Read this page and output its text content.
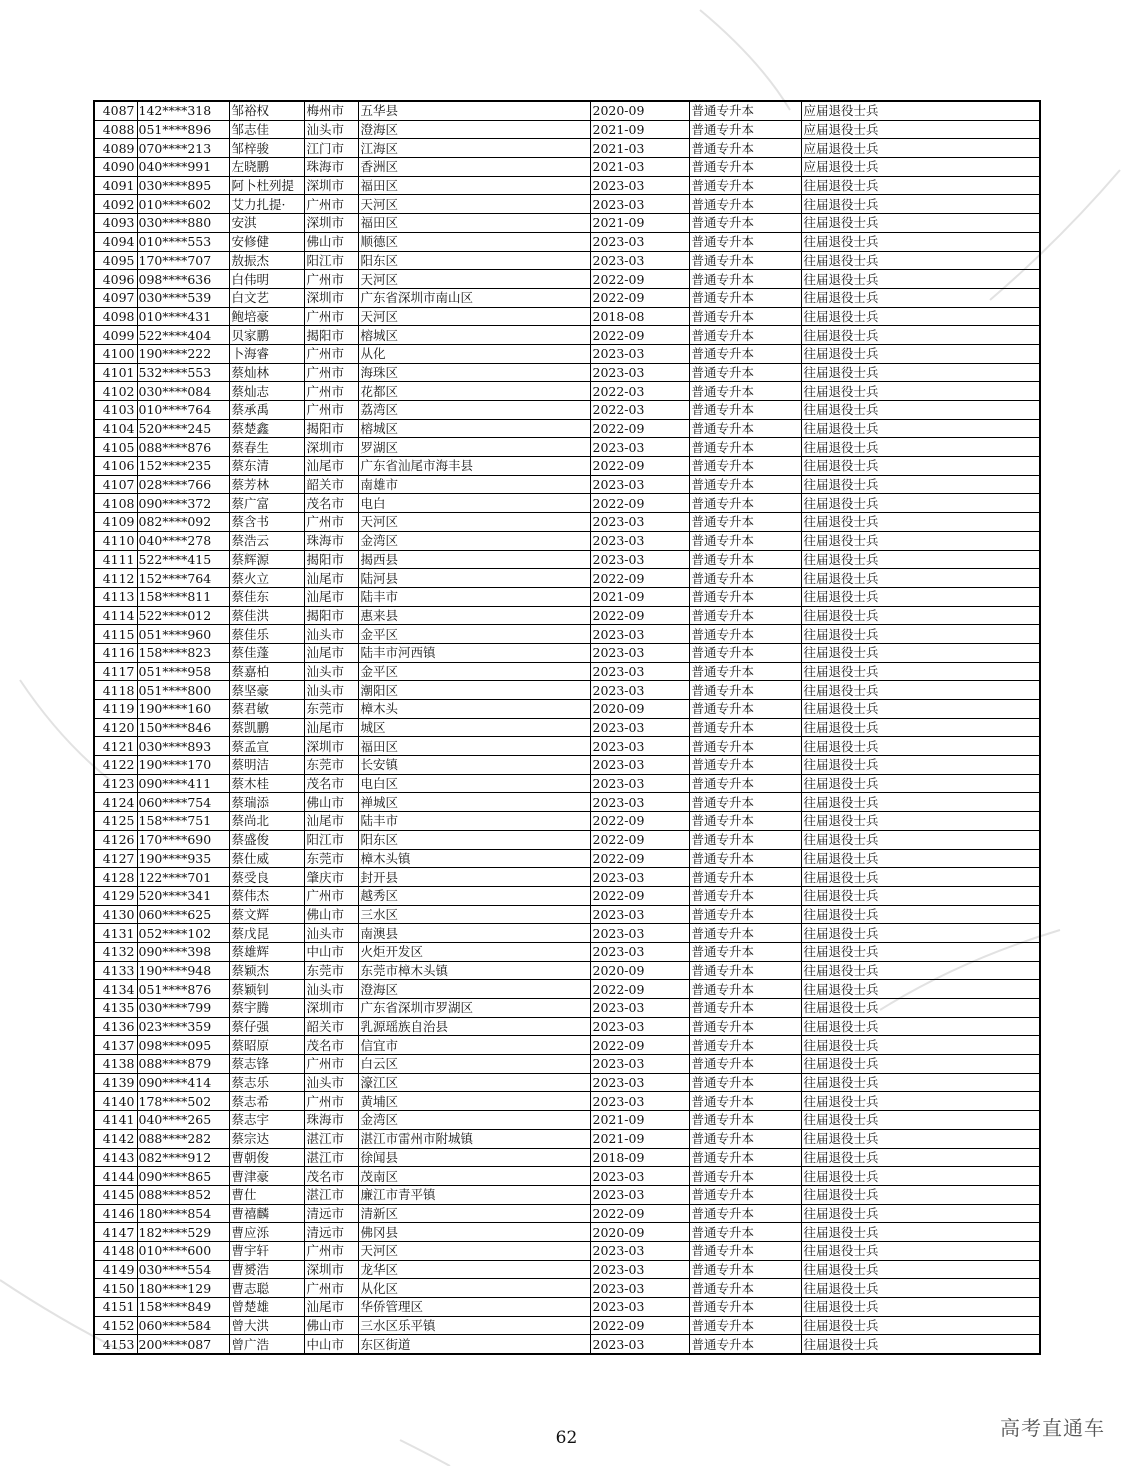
4087	142****318	邹裕权	梅州市	五华县	2020-09	普通专升本	应届退役士兵
4088	051****896	邹志佳	汕头市	澄海区	2021-09	普通专升本	应届退役士兵
4089	070****213	邹梓骏	江门市	江海区	2021-03	普通专升本	应届退役士兵
4090	040****991	左晓鹏	珠海市	香洲区	2021-03	普通专升本	应届退役士兵
4091	030****895	阿卜杜列提	深圳市	福田区	2023-03	普通专升本	往届退役士兵
4092	010****602	艾力扎提·	广州市	天河区	2023-03	普通专升本	往届退役士兵
4093	030****880	安淇	深圳市	福田区	2021-09	普通专升本	往届退役士兵
4094	010****553	安修健	佛山市	顺德区	2023-03	普通专升本	往届退役士兵
4095	170****707	敖振杰	阳江市	阳东区	2023-03	普通专升本	往届退役士兵
4096	098****636	白伟明	广州市	天河区	2022-09	普通专升本	往届退役士兵
4097	030****539	白文艺	深圳市	广东省深圳市南山区	2022-09	普通专升本	往届退役士兵
4098	010****431	鲍培豪	广州市	天河区	2018-08	普通专升本	往届退役士兵
4099	522****404	贝家鹏	揭阳市	榕城区	2022-09	普通专升本	往届退役士兵
4100	190****222	卜海睿	广州市	从化	2023-03	普通专升本	往届退役士兵
4101	532****553	蔡灿林	广州市	海珠区	2023-03	普通专升本	往届退役士兵
4102	030****084	蔡灿志	广州市	花都区	2022-03	普通专升本	往届退役士兵
4103	010****764	蔡承禹	广州市	荔湾区	2022-03	普通专升本	往届退役士兵
4104	520****245	蔡楚鑫	揭阳市	榕城区	2022-09	普通专升本	往届退役士兵
4105	088****876	蔡春生	深圳市	罗湖区	2023-03	普通专升本	往届退役士兵
4106	152****235	蔡东清	汕尾市	广东省汕尾市海丰县	2022-09	普通专升本	往届退役士兵
4107	028****766	蔡芳林	韶关市	南雄市	2023-03	普通专升本	往届退役士兵
4108	090****372	蔡广富	茂名市	电白	2022-09	普通专升本	往届退役士兵
4109	082****092	蔡含书	广州市	天河区	2023-03	普通专升本	往届退役士兵
4110	040****278	蔡浩云	珠海市	金湾区	2023-03	普通专升本	往届退役士兵
4111	522****415	蔡辉源	揭阳市	揭西县	2023-03	普通专升本	往届退役士兵
4112	152****764	蔡火立	汕尾市	陆河县	2022-09	普通专升本	往届退役士兵
4113	158****811	蔡佳东	汕尾市	陆丰市	2021-09	普通专升本	往届退役士兵
4114	522****012	蔡佳洪	揭阳市	惠来县	2022-09	普通专升本	往届退役士兵
4115	051****960	蔡佳乐	汕头市	金平区	2023-03	普通专升本	往届退役士兵
4116	158****823	蔡佳蓬	汕尾市	陆丰市河西镇	2023-03	普通专升本	往届退役士兵
4117	051****958	蔡嘉柏	汕头市	金平区	2023-03	普通专升本	往届退役士兵
4118	051****800	蔡坚豪	汕头市	潮阳区	2023-03	普通专升本	往届退役士兵
4119	190****160	蔡君敏	东莞市	樟木头	2020-09	普通专升本	往届退役士兵
4120	150****846	蔡凯鹏	汕尾市	城区	2023-03	普通专升本	往届退役士兵
4121	030****893	蔡孟宣	深圳市	福田区	2023-03	普通专升本	往届退役士兵
4122	190****170	蔡明洁	东莞市	长安镇	2023-03	普通专升本	往届退役士兵
4123	090****411	蔡木桂	茂名市	电白区	2023-03	普通专升本	往届退役士兵
4124	060****754	蔡瑞添	佛山市	禅城区	2023-03	普通专升本	往届退役士兵
4125	158****751	蔡尚北	汕尾市	陆丰市	2022-09	普通专升本	往届退役士兵
4126	170****690	蔡盛俊	阳江市	阳东区	2022-09	普通专升本	往届退役士兵
4127	190****935	蔡仕威	东莞市	樟木头镇	2022-09	普通专升本	往届退役士兵
4128	122****701	蔡受良	肇庆市	封开县	2023-03	普通专升本	往届退役士兵
4129	520****341	蔡伟杰	广州市	越秀区	2022-09	普通专升本	往届退役士兵
4130	060****625	蔡文辉	佛山市	三水区	2023-03	普通专升本	往届退役士兵
4131	052****102	蔡戊昆	汕头市	南澳县	2023-03	普通专升本	往届退役士兵
4132	090****398	蔡雄辉	中山市	火炬开发区	2023-03	普通专升本	往届退役士兵
4133	190****948	蔡颖杰	东莞市	东莞市樟木头镇	2020-09	普通专升本	往届退役士兵
4134	051****876	蔡颖钊	汕头市	澄海区	2022-09	普通专升本	往届退役士兵
4135	030****799	蔡宇腾	深圳市	广东省深圳市罗湖区	2023-03	普通专升本	往届退役士兵
4136	023****359	蔡仔强	韶关市	乳源瑶族自治县	2023-03	普通专升本	往届退役士兵
4137	098****095	蔡昭原	茂名市	信宜市	2022-09	普通专升本	往届退役士兵
4138	088****879	蔡志锋	广州市	白云区	2023-03	普通专升本	往届退役士兵
4139	090****414	蔡志乐	汕头市	濠江区	2023-03	普通专升本	往届退役士兵
4140	178****502	蔡志希	广州市	黄埔区	2023-03	普通专升本	往届退役士兵
4141	040****265	蔡志宇	珠海市	金湾区	2021-09	普通专升本	往届退役士兵
4142	088****282	蔡宗达	湛江市	湛江市雷州市附城镇	2021-09	普通专升本	往届退役士兵
4143	082****912	曹朝俊	湛江市	徐闻县	2018-09	普通专升本	往届退役士兵
4144	090****865	曹津豪	茂名市	茂南区	2023-03	普通专升本	往届退役士兵
4145	088****852	曹仕	湛江市	廉江市青平镇	2023-03	普通专升本	往届退役士兵
4146	180****854	曹禧麟	清远市	清新区	2022-09	普通专升本	往届退役士兵
4147	182****529	曹应泺	清远市	佛冈县	2020-09	普通专升本	往届退役士兵
4148	010****600	曹宇轩	广州市	天河区	2023-03	普通专升本	往届退役士兵
4149	030****554	曹赟浩	深圳市	龙华区	2023-03	普通专升本	往届退役士兵
4150	180****129	曹志聪	广州市	从化区	2023-03	普通专升本	往届退役士兵
4151	158****849	曾楚雄	汕尾市	华侨管理区	2023-03	普通专升本	往届退役士兵
4152	060****584	曾大洪	佛山市	三水区乐平镇	2022-09	普通专升本	往届退役士兵
4153	200****087	曾广浩	中山市	东区街道	2023-03	普通专升本	往届退役士兵
62	高考直通车
